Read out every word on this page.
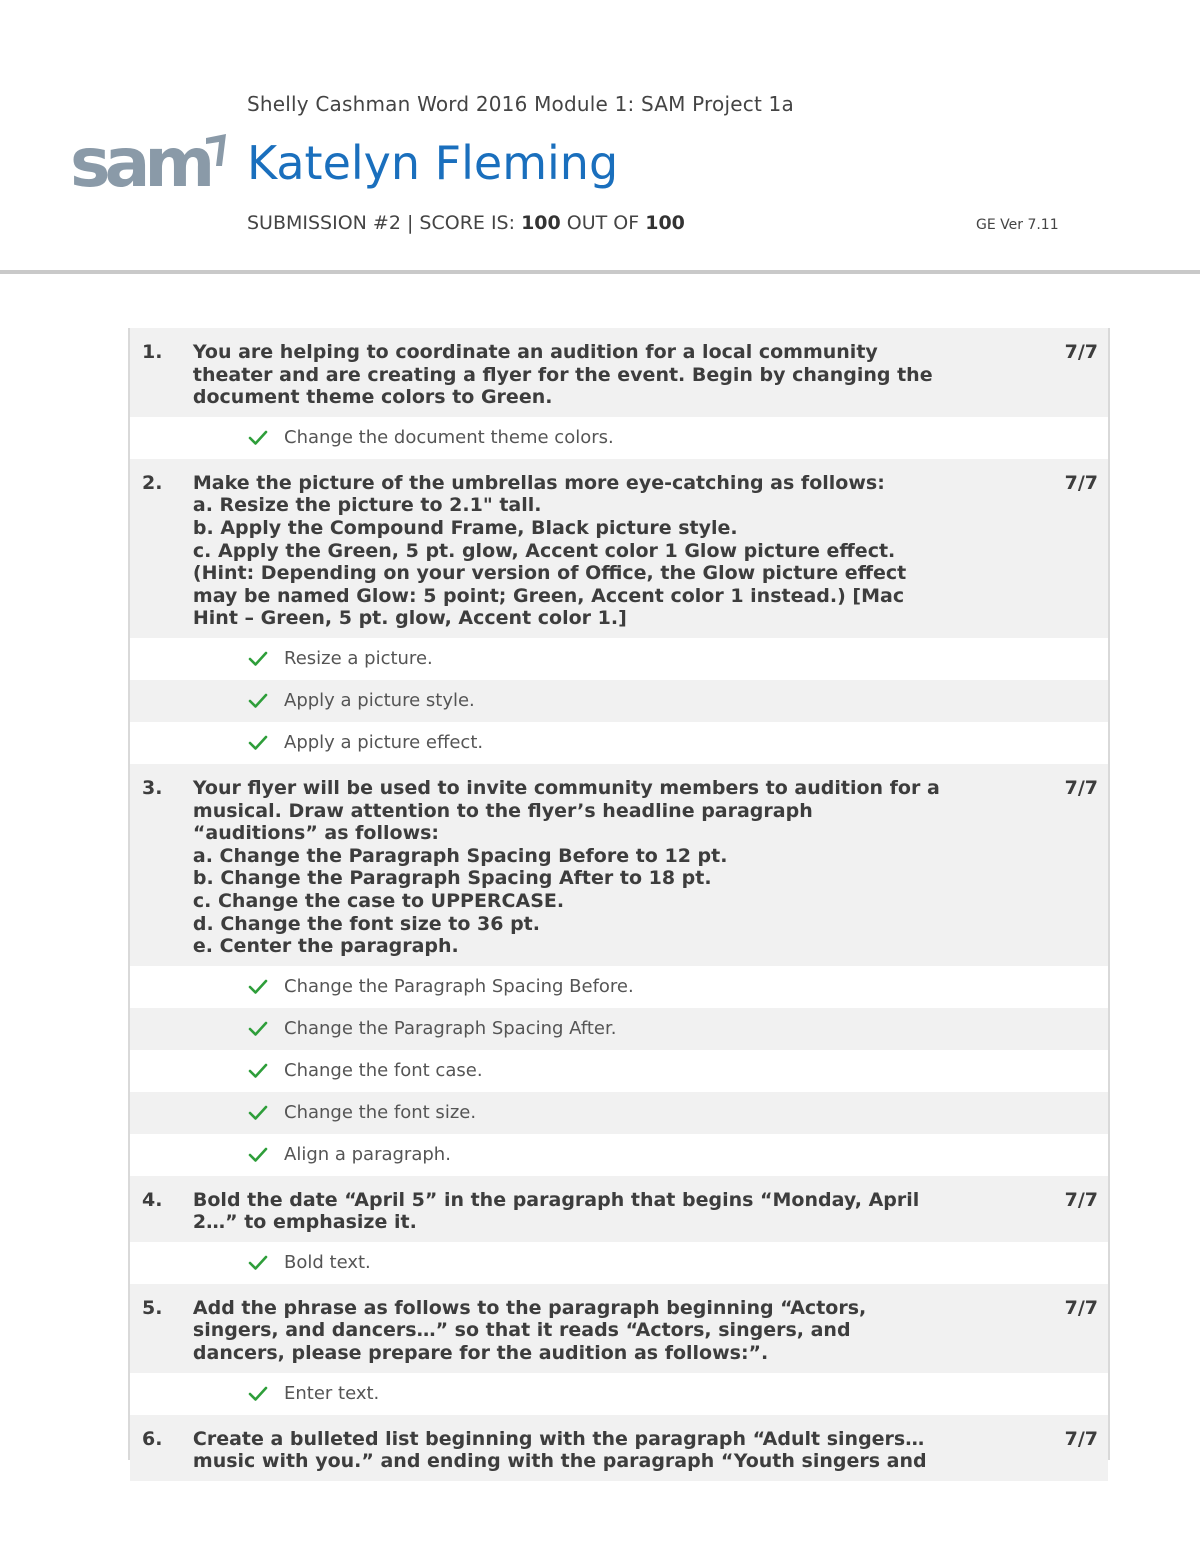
sam
Shelly Cashman Word 2016 Module 1: SAM Project 1a
Katelyn Fleming
SUBMISSION #2 | SCORE IS: 100 OUT OF 100	GE Ver 7.11
1.	You are helping to coordinate an audition for a local community
theater and are creating a flyer for the event. Begin by changing the
document theme colors to Green.
7/7
Change the document theme colors.
2.	Make the picture of the umbrellas more eye-catching as follows:
a. Resize the picture to 2.1" tall.
b. Apply the Compound Frame, Black picture style.
c. Apply the Green, 5 pt. glow, Accent color 1 Glow picture effect.
(Hint: Depending on your version of Office, the Glow picture effect
may be named Glow: 5 point; Green, Accent color 1 instead.) [Mac
Hint – Green, 5 pt. glow, Accent color 1.]
7/7
Resize a picture.
Apply a picture style.
Apply a picture effect.
3.	Your flyer will be used to invite community members to audition for a
musical. Draw attention to the flyer’s headline paragraph
“auditions” as follows:
a. Change the Paragraph Spacing Before to 12 pt.
b. Change the Paragraph Spacing After to 18 pt.
c. Change the case to UPPERCASE.
d. Change the font size to 36 pt.
e. Center the paragraph.
7/7
Change the Paragraph Spacing Before.
Change the Paragraph Spacing After.
Change the font case.
Change the font size.
Align a paragraph.
4.	Bold the date “April 5” in the paragraph that begins “Monday, April
2…” to emphasize it.
7/7
Bold text.
5.	Add the phrase as follows to the paragraph beginning “Actors,
singers, and dancers…” so that it reads “Actors, singers, and
dancers, please prepare for the audition as follows:”.
7/7
Enter text.
6.	Create a bulleted list beginning with the paragraph “Adult singers…
music with you.” and ending with the paragraph “Youth singers and
7/7
